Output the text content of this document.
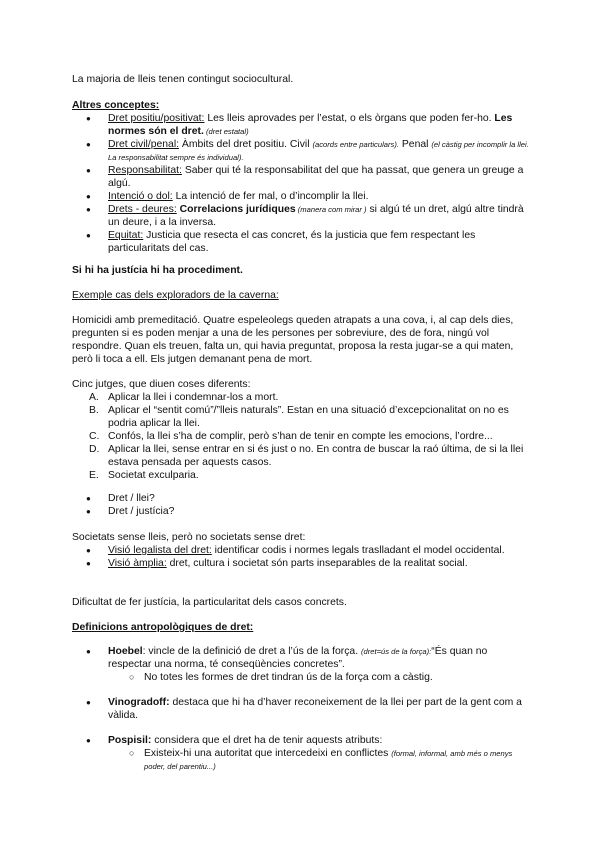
La majoria de lleis tenen contingut sociocultural.
Altres conceptes:
● Dret positiu/positivat: Les lleis aprovades per l’estat, o els òrgans que poden fer-ho. Les normes són el dret. (dret estatal)
● Dret civil/penal: Àmbits del dret positiu. Civil (acords entre particulars). Penal (el càstig per incomplir la llei. La responsabilitat sempre és individual).
● Responsabilitat: Saber qui té la responsabilitat del que ha passat, que genera un greuge a algú.
● Intenció o dol: La intenció de fer mal, o d’incomplir la llei.
● Drets - deures: Correlacions jurídiques (manera com mirar ) si algú té un dret, algú altre tindrà un deure, i a la inversa.
● Equitat: Justicia que resecta el cas concret, és la justicia que fem respectant les particularitats del cas.
Si hi ha justícia hi ha procediment.
Exemple cas dels exploradors de la caverna:
Homicidi amb premeditació. Quatre espeleolegs queden atrapats a una cova, i, al cap dels dies, pregunten si es poden menjar a una de les persones per sobreviure, des de fora, ningú vol respondre. Quan els treuen, falta un, qui havia preguntat, proposa la resta jugar-se a qui maten, però li toca a ell. Els jutgen demanant pena de mort.
Cinc jutges, que diuen coses diferents:
A. Aplicar la llei i condemnar-los a mort.
B. Aplicar el “sentit comú”/”lleis naturals”. Estan en una situació d’excepcionalitat on no es podria aplicar la llei.
C. Confós, la llei s’ha de complir, però s’han de tenir en compte les emocions, l’ordre...
D. Aplicar la llei, sense entrar en si és just o no. En contra de buscar la raó última, de si la llei estava pensada per aquests casos.
E. Societat exculparia.
● Dret / llei?
● Dret / justícia?
Societats sense lleis, però no societats sense dret:
● Visió legalista del dret: identificar codis i normes legals traslladant el model occidental.
● Visió àmplia: dret, cultura i societat són parts inseparables de la realitat social.
Dificultat de fer justícia, la particularitat dels casos concrets.
Definicions antropològiques de dret:
● Hoebel: vincle de la definició de dret a l’ús de la força. (dret=ús de la força):“És quan no respectar una norma, té conseqüències concretes”.
○ No totes les formes de dret tindran ús de la força com a càstig.
● Vinogradoff: destaca que hi ha d’haver reconeixement de la llei per part de la gent com a vàlida.
● Pospisil: considera que el dret ha de tenir aquests atributs:
○ Existeix-hi una autoritat que intercedeixi en conflictes (formal, informal, amb més o menys poder, del parentiu...)
